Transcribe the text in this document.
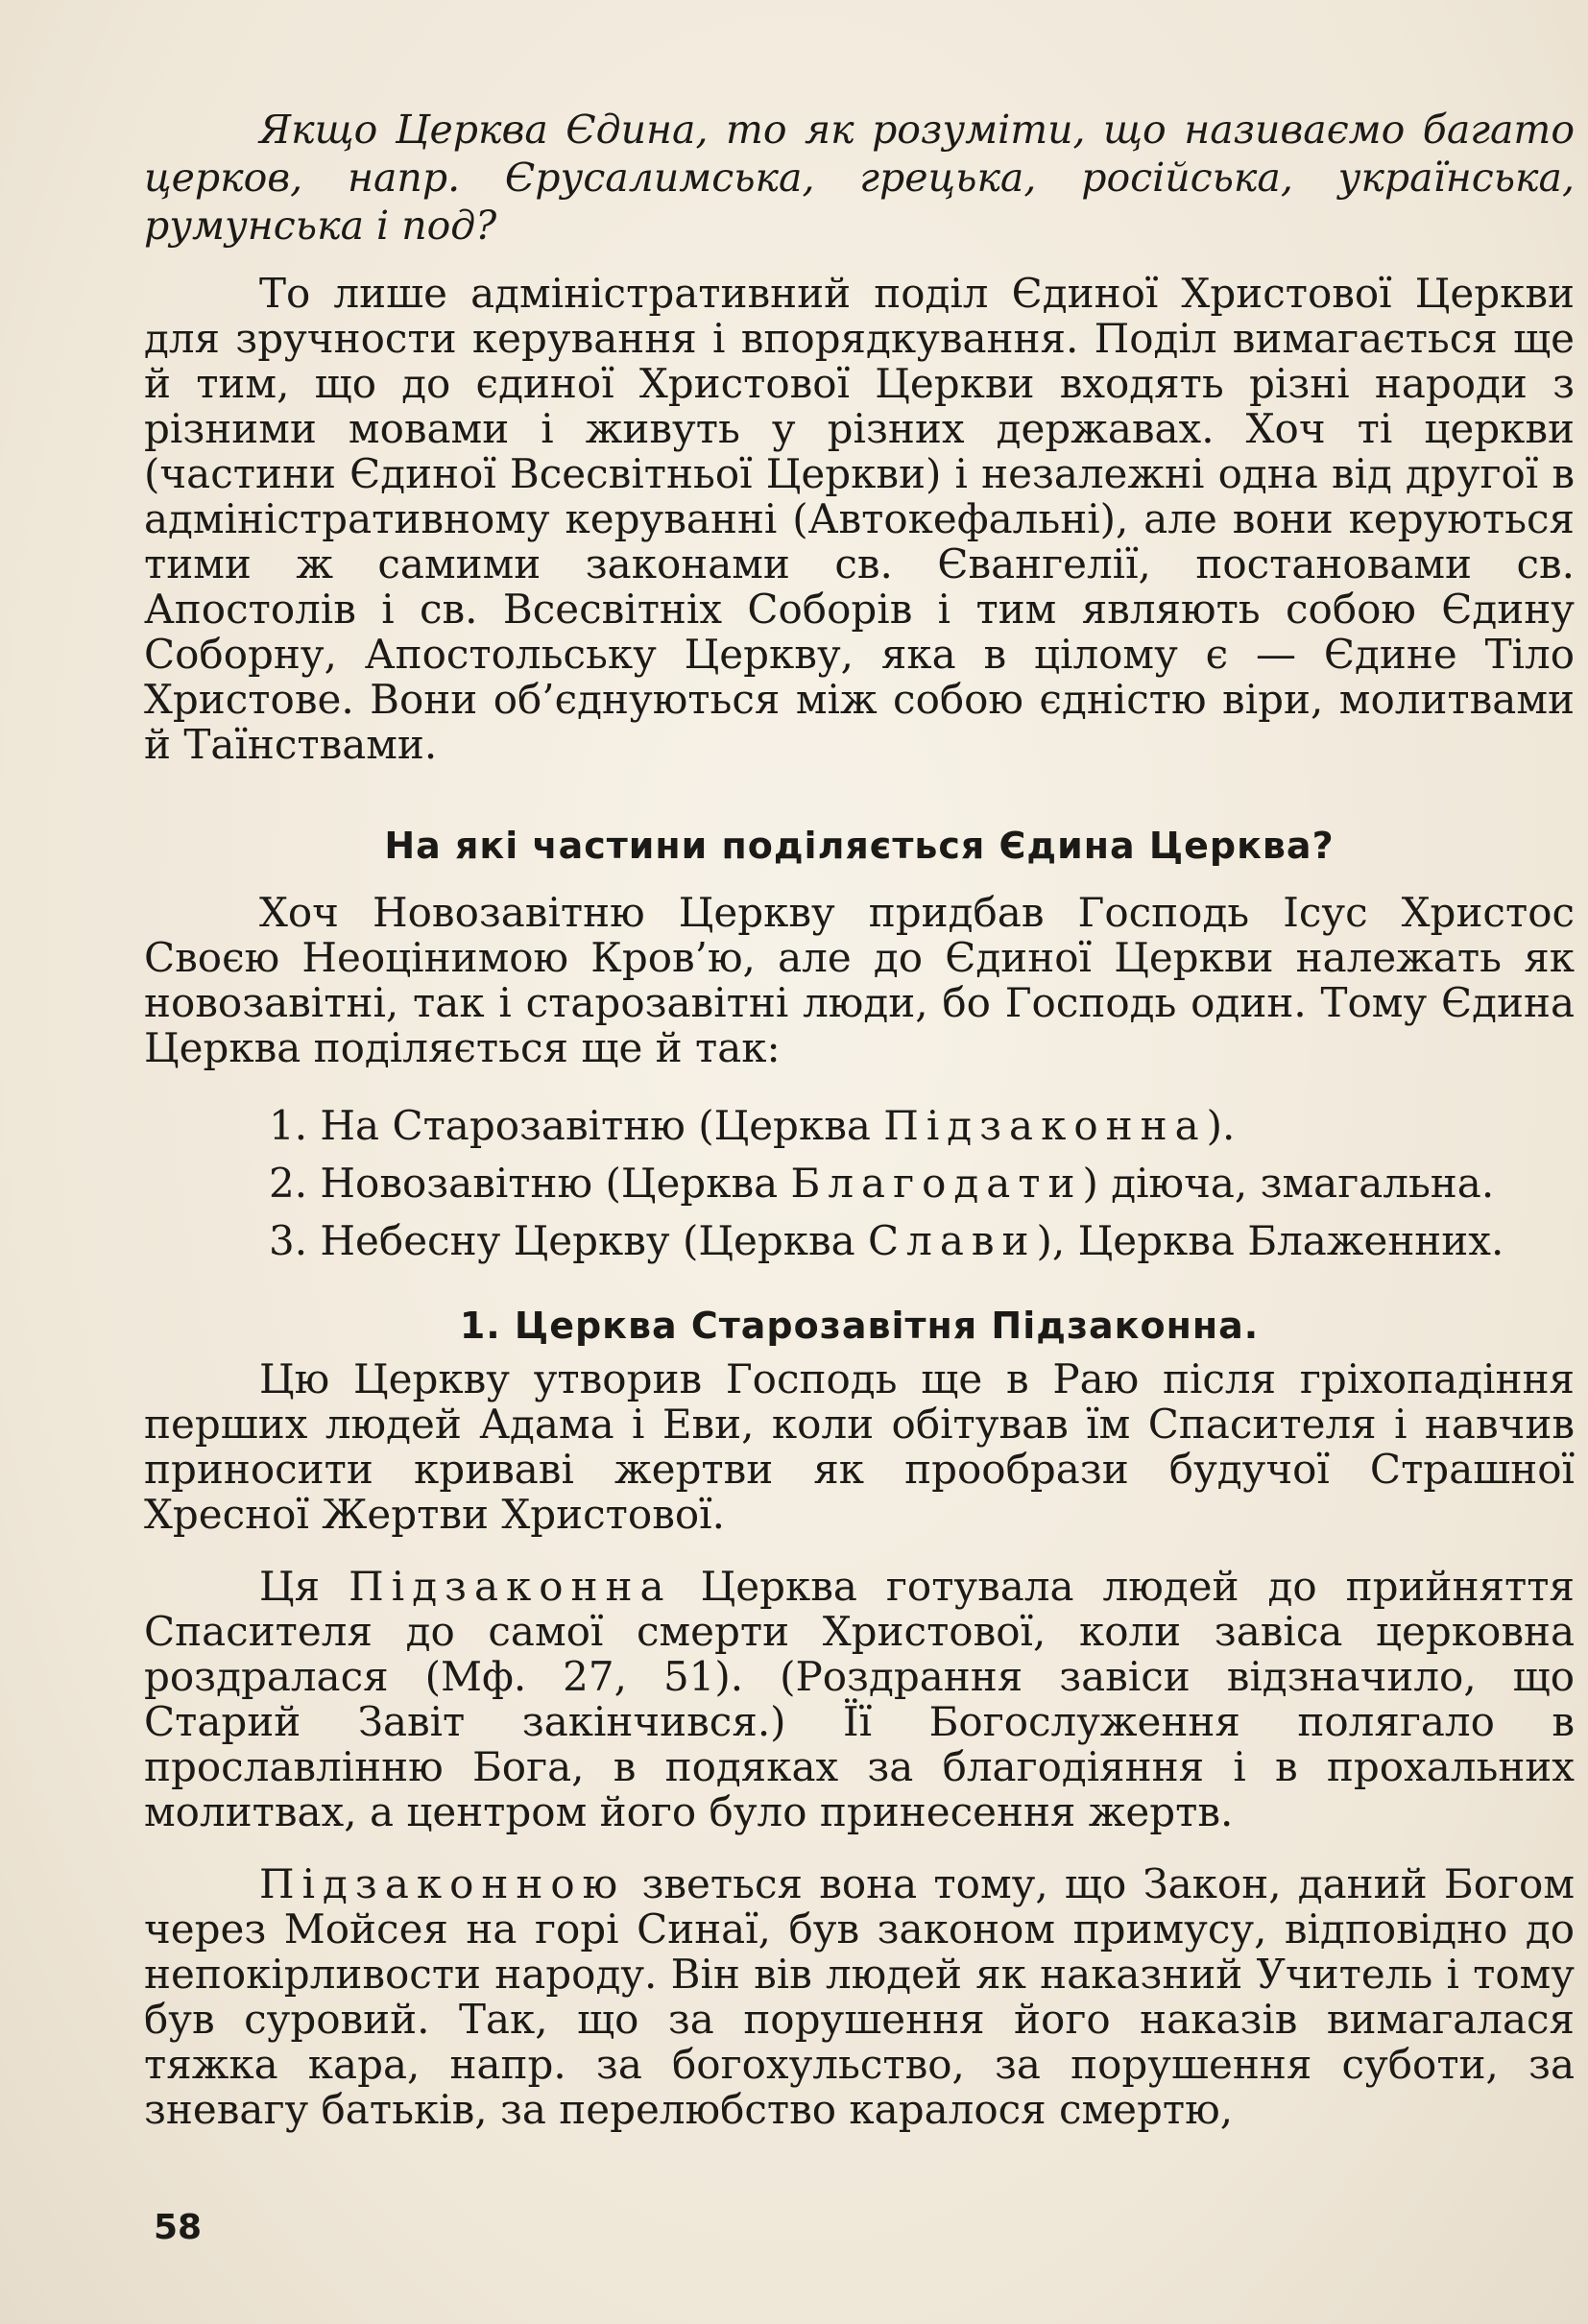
Якщо Церква Єдина, то як розуміти, що називаємо багато церков, напр. Єрусалимська, грецька, російська, українська, румунська і под?

То лише адміністративний поділ Єдиної Христової Церкви для зручности керування і впорядкування. Поділ вимагається ще й тим, що до єдиної Христової Церкви входять різні народи з різними мовами і живуть у різних державах. Хоч ті церкви (частини Єдиної Всесвітньої Церкви) і незалежні одна від другої в адміністративному керуванні (Автокефальні), але вони керуються тими ж самими законами св. Євангелії, постановами св. Апостолів і св. Всесвітніх Соборів і тим являють собою Єдину Соборну, Апостольську Церкву, яка в цілому є — Єдине Тіло Христове. Вони об’єднуються між собою єдністю віри, молитвами й Таїнствами.

На які частини поділяється Єдина Церква?

Хоч Новозавітню Церкву придбав Господь Ісус Христос Своєю Неоцінимою Кров’ю, але до Єдиної Церкви належать як новозавітні, так і старозавітні люди, бо Господь один. Тому Єдина Церква поділяється ще й так:

1. На Старозавітню (Церква Підзаконна).
2. Новозавітню (Церква Благодати) діюча, змагальна.
3. Небесну Церкву (Церква Слави), Церква Блаженних.
1. Церква Старозавітня Підзаконна.

Цю Церкву утворив Господь ще в Раю після гріхопадіння перших людей Адама і Еви, коли обітував їм Спасителя і навчив приносити криваві жертви як прообрази будучої Страшної Хресної Жертви Христової.

Ця Підзаконна Церква готувала людей до прийняття Спасителя до самої смерти Христової, коли завіса церковна роздралася (Мф. 27, 51). (Роздрання завіси відзначило, що Старий Завіт закінчився.) Її Богослуження полягало в прославлінню Бога, в подяках за благодіяння і в прохальних молитвах, а центром його було принесення жертв.

Підзаконною зветься вона тому, що Закон, даний Богом через Мойсея на горі Синаї, був законом примусу, відповідно до непокірливости народу. Він вів людей як наказний Учитель і тому був суровий. Так, що за порушення його наказів вимагалася тяжка кара, напр. за богохульство, за порушення суботи, за зневагу батьків, за перелюбство каралося смертю,

58
